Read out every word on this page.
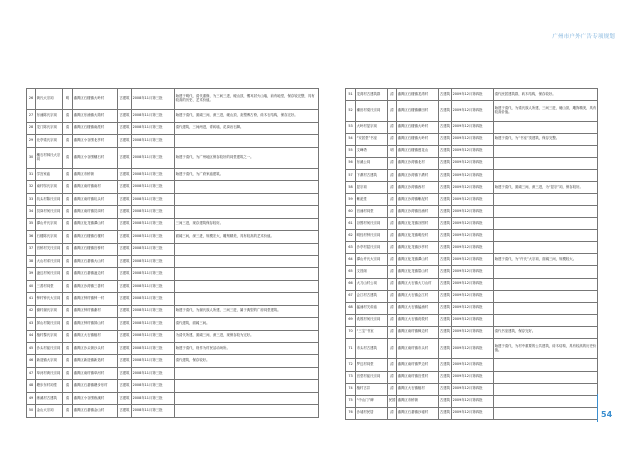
广州市户外广告专项规划
26	黄氏大宗祠	明	番禺区石楼镇大岭村	古建筑	2008年11月第三批	始建于明代，清代重修，为三间三进，硬山顶，镬耳封火山墙，前有地堂，保存较完整，具有较高的历史、艺术价值。
27	东涌陈氏宗祠	清	番禺区东涌镇大简村	古建筑	2008年11月第三批	始建于清代，面阔三间，深三进，硬山顶，灰塑博古脊，砖木石结构，保存完好。
28	龙门陈氏宗祠	清	番禺区石楼镇南派村	古建筑	2008年11月第三批	清代建筑，三间两进，青砖墙，花岗岩石脚。
29	北亭梁氏宗祠	清	番禺区小谷围北亭村	古建筑	2008年11月第三批	
30	穗石村林氏大宗祠	清	番禺区小谷围穗石村	古建筑	2008年11月第三批	始建于清代，为广州地区保存较好的祠堂建筑之一。
31	学宫家庙	清	番禺区市桥街	古建筑	2008年11月第三批	始建于清代，为广府家庙建筑。
32	南村邬氏宗祠	清	番禺区南村镇南村	古建筑	2008年11月第三批	
33	坑头村陈氏宗祠	清	番禺区南村镇坑头村	古建筑	2008年11月第三批	
34	员岗村何氏宗祠	清	番禺区南村镇员岗村	古建筑	2008年11月第三批	
35	潭山许氏宗祠	清	番禺区化龙镇潭山村	古建筑	2008年11月第三批	三间三进，现存建筑保存较好。
36	石楼陈氏宗祠	清	番禺区石楼镇石楼村	古建筑	2008年11月第三批	面阔三间，深三进，规模宏大，雕刻精美，具有较高的艺术价值。
37	官桥村关氏宗祠	清	番禺区石楼镇官桥村	古建筑	2008年11月第三批	
38	大山村邓氏宗祠	清	番禺区石碁镇大山村	古建筑	2008年11月第三批	
39	凌边村何氏宗祠	清	番禺区石碁镇凌边村	古建筑	2008年11月第三批	
40	三善村祠堂	清	番禺区沙湾镇三善村	古建筑	2008年11月第三批	
41	钟村钟氏大宗祠	清	番禺区钟村镇钟一村	古建筑	2008年11月第三批	
42	谢村谢氏宗祠	清	番禺区钟村镇谢村	古建筑	2008年11月第三批	始建于清代，为谢氏族人所建，三间三进，属于典型的广府祠堂建筑。
43	屏山村简氏宗祠	清	番禺区钟村镇屏山村	古建筑	2008年11月第三批	清代建筑，面阔三间。
44	植村黎氏宗祠	清	番禺区大石镇植村	古建筑	2008年11月第三批	为清代所建，面阔三间，深三进，现保存较为完好。
45	沙头村崔氏宗祠	清	番禺区沙头街沙头村	古建筑	2008年11月第三批	始建于清代，现作为村民活动场所。
46	新造镇大宗祠	清	番禺区新造镇新造村	古建筑	2008年11月第三批	清代建筑，保存较好。
47	草河村黄氏宗祠	清	番禺区南村镇草河村	古建筑	2008年11月第三批	
48	塘步东村祠堂	清	番禺区石碁镇塘步东村	古建筑	2008年11月第三批	
49	练溪村古建筑	清	番禺区小谷围练溪村	古建筑	2008年11月第三批	
50	金山大宗祠	清	番禺区石碁镇金山村	古建筑	2008年11月第三批	
51	龙湾村古建筑群	清	番禺区石楼镇龙湾村	古建筑	2009年12月第四批	清代民居建筑群，砖木结构，保存较好。
52	潮田村梁氏宗祠	清	番禺区石楼镇潮田村	古建筑	2009年12月第四批	始建于清代，为梁氏族人所建，三间三进，硬山顶，雕饰精美，具有较高价值。
53	大岭村显宗祠	清	番禺区石楼镇大岭村	古建筑	2009年12月第四批	
54	“安居堂”书室	清	番禺区石楼镇大岭村	古建筑	2009年12月第四批	始建于清代，为“书室”类建筑，保存完整。
55	文峰塔	明	番禺区石楼镇莲花山	古建筑	2009年12月第四批	
56	东溪公祠	清	番禺区沙湾镇北村	古建筑	2009年12月第四批	
57	下漖村古建筑	清	番禺区沙湾镇下漖村	古建筑	2009年12月第四批	
58	显宗祠	清	番禺区沙湾镇西村	古建筑	2009年12月第四批	始建于清代，面阔三间，深三进，为“显宗”祠，保存较好。
59	紫泥堂	清	番禺区沙湾镇紫泥村	古建筑	2009年12月第四批	
60	官涌村祠堂	清	番禺区沙湾镇官涌村	古建筑	2009年12月第四批	
61	谷围村何氏宗祠	清	番禺区化龙镇谷围村	古建筑	2009年12月第四批	
62	明经村钟氏宗祠	清	番禺区化龙镇明经村	古建筑	2009年12月第四批	
63	沙亭村屈氏宗祠	清	番禺区化龙镇沙亭村	古建筑	2009年12月第四批	
64	潭山许氏大宗祠	清	番禺区化龙镇潭山村	古建筑	2009年12月第四批	始建于清代，为“许氏”大宗祠，面阔三间，规模较大。
65	文昌阁	清	番禺区化龙镇眉山村	古建筑	2009年12月第四批	
66	大刀山村公祠	清	番禺区大石镇大刀山村	古建筑	2009年12月第四批	
67	会江村古建筑	清	番禺区大石镇会江村	古建筑	2009年12月第四批	
68	猛涌村关帝庙	清	番禺区大石镇猛涌村	古建筑	2009年12月第四批	
69	诜敦村何氏宗祠	清	番禺区大石镇诜敦村	古建筑	2009年12月第四批	
70	“三宝”书室	清	番禺区南村镇樟边村	古建筑	2009年12月第四批	清代书室建筑，保存完好。
71	市头村古建筑	清	番禺区南村镇市头村	古建筑	2009年12月第四批	始建于清代，为村中重要的公共建筑，砖木结构，具有较高的历史价值。
72	罗边村祠堂	清	番禺区南村镇罗边村	古建筑	2009年12月第四批	
73	官堂村崔氏宗祠	清	番禺区南村镇官堂村	古建筑	2009年12月第四批	
74	植村古井	清	番禺区大石镇植村	古建筑	2009年12月第四批	
75	“中山门”碑	民国	番禺区市桥街	古建筑	2009年12月第四批	
76	沙墟村民居	清	番禺区石碁镇沙墟村	古建筑	2009年12月第四批		54
